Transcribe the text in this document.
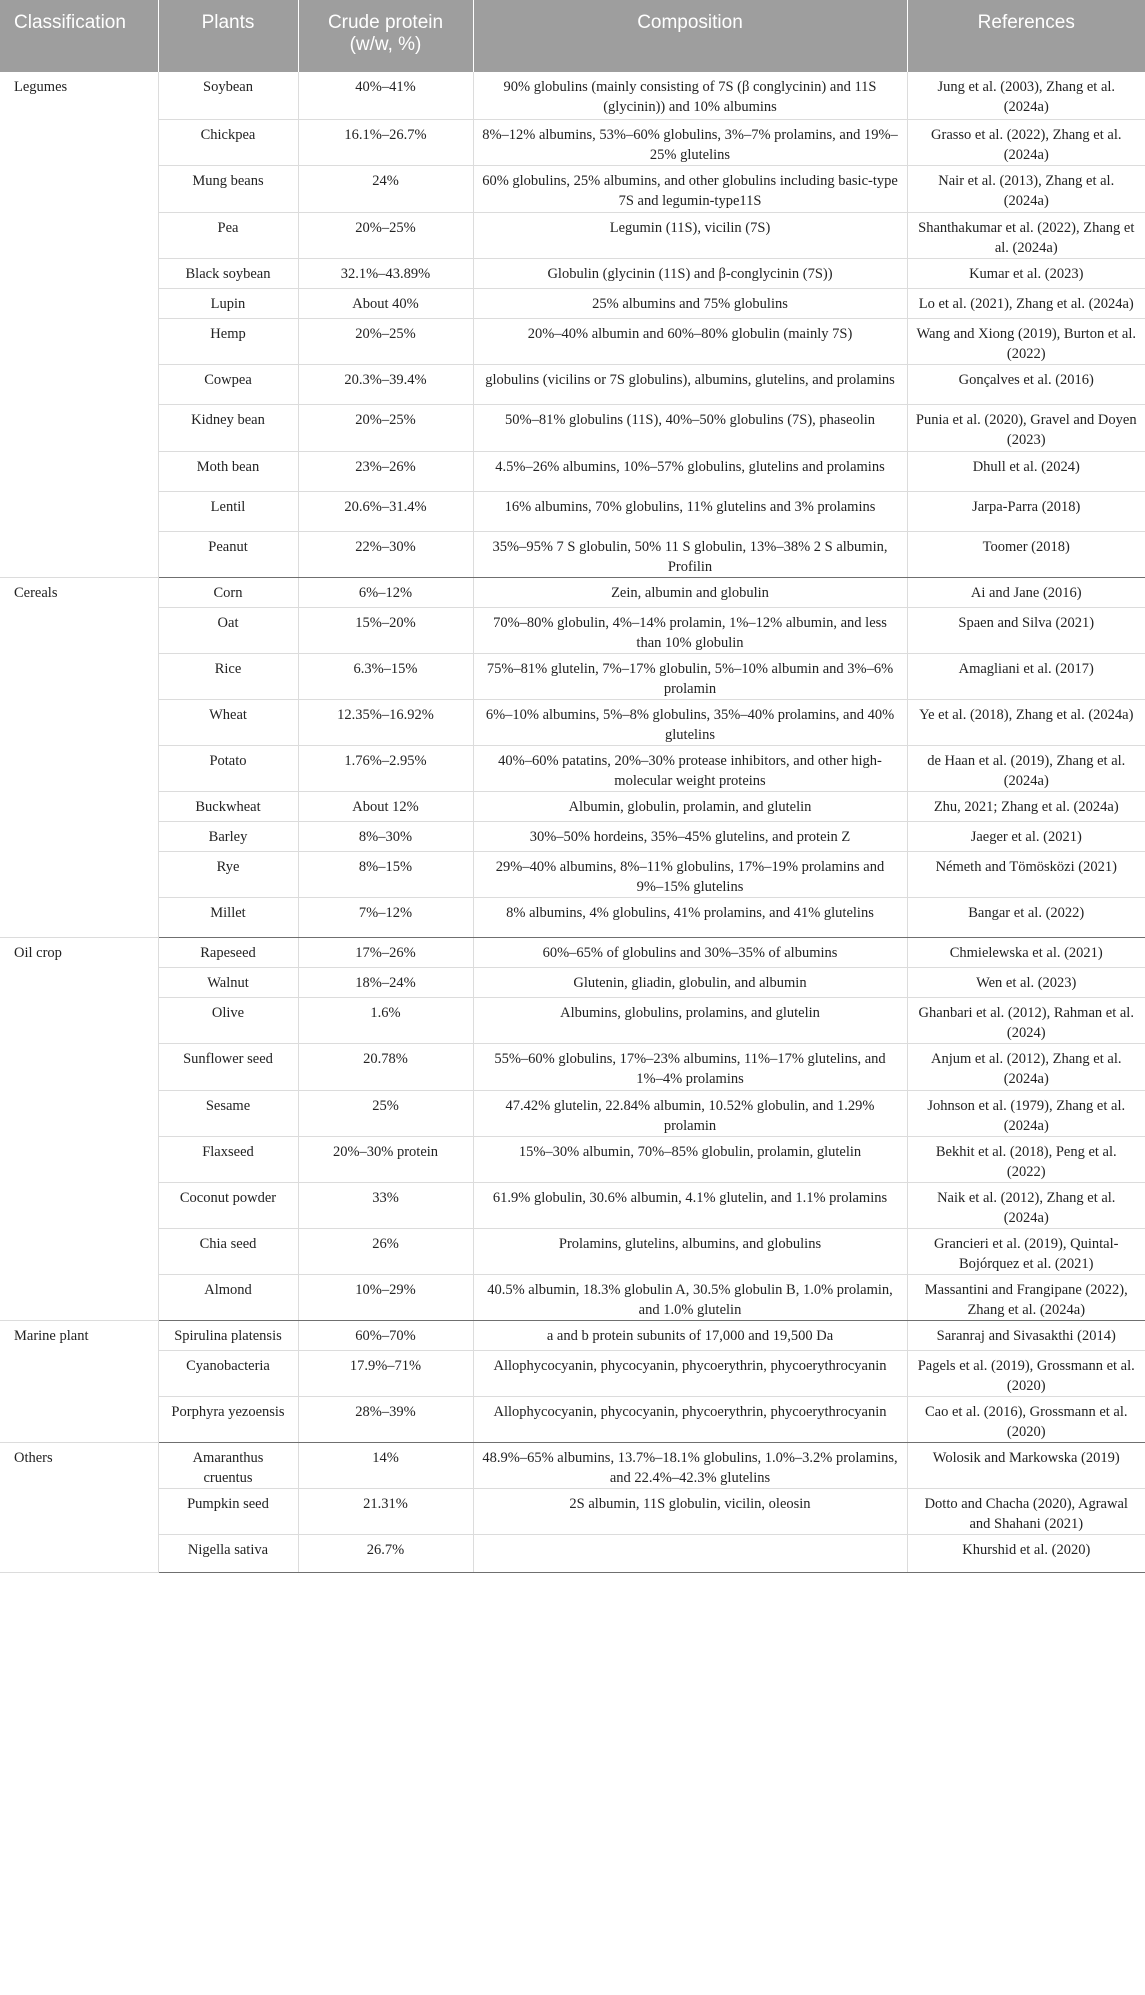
Classification	Plants	Crude protein (w/w, %)	Composition	References
Legumes	Soybean	40%–41%	90% globulins (mainly consisting of 7S (β conglycinin) and 11S (glycinin)) and 10% albumins	Jung et al. (2003), Zhang et al. (2024a)
	Chickpea	16.1%–26.7%	8%–12% albumins, 53%–60% globulins, 3%–7% prolamins, and 19%–25% glutelins	Grasso et al. (2022), Zhang et al. (2024a)
	Mung beans	24%	60% globulins, 25% albumins, and other globulins including basic-type 7S and legumin-type11S	Nair et al. (2013), Zhang et al. (2024a)
	Pea	20%–25%	Legumin (11S), vicilin (7S)	Shanthakumar et al. (2022), Zhang et al. (2024a)
	Black soybean	32.1%–43.89%	Globulin (glycinin (11S) and β-conglycinin (7S))	Kumar et al. (2023)
	Lupin	About 40%	25% albumins and 75% globulins	Lo et al. (2021), Zhang et al. (2024a)
	Hemp	20%–25%	20%–40% albumin and 60%–80% globulin (mainly 7S)	Wang and Xiong (2019), Burton et al. (2022)
	Cowpea	20.3%–39.4%	globulins (vicilins or 7S globulins), albumins, glutelins, and prolamins	Gonçalves et al. (2016)
	Kidney bean	20%–25%	50%–81% globulins (11S), 40%–50% globulins (7S), phaseolin	Punia et al. (2020), Gravel and Doyen (2023)
	Moth bean	23%–26%	4.5%–26% albumins, 10%–57% globulins, glutelins and prolamins	Dhull et al. (2024)
	Lentil	20.6%–31.4%	16% albumins, 70% globulins, 11% glutelins and 3% prolamins	Jarpa-Parra (2018)
	Peanut	22%–30%	35%–95% 7 S globulin, 50% 11 S globulin, 13%–38% 2 S albumin, Profilin	Toomer (2018)
Cereals	Corn	6%–12%	Zein, albumin and globulin	Ai and Jane (2016)
	Oat	15%–20%	70%–80% globulin, 4%–14% prolamin, 1%–12% albumin, and less than 10% globulin	Spaen and Silva (2021)
	Rice	6.3%–15%	75%–81% glutelin, 7%–17% globulin, 5%–10% albumin and 3%–6% prolamin	Amagliani et al. (2017)
	Wheat	12.35%–16.92%	6%–10% albumins, 5%–8% globulins, 35%–40% prolamins, and 40% glutelins	Ye et al. (2018), Zhang et al. (2024a)
	Potato	1.76%–2.95%	40%–60% patatins, 20%–30% protease inhibitors, and other high-molecular weight proteins	de Haan et al. (2019), Zhang et al. (2024a)
	Buckwheat	About 12%	Albumin, globulin, prolamin, and glutelin	Zhu, 2021; Zhang et al. (2024a)
	Barley	8%–30%	30%–50% hordeins, 35%–45% glutelins, and protein Z	Jaeger et al. (2021)
	Rye	8%–15%	29%–40% albumins, 8%–11% globulins, 17%–19% prolamins and 9%–15% glutelins	Németh and Tömösközi (2021)
	Millet	7%–12%	8% albumins, 4% globulins, 41% prolamins, and 41% glutelins	Bangar et al. (2022)
Oil crop	Rapeseed	17%–26%	60%–65% of globulins and 30%–35% of albumins	Chmielewska et al. (2021)
	Walnut	18%–24%	Glutenin, gliadin, globulin, and albumin	Wen et al. (2023)
	Olive	1.6%	Albumins, globulins, prolamins, and glutelin	Ghanbari et al. (2012), Rahman et al. (2024)
	Sunflower seed	20.78%	55%–60% globulins, 17%–23% albumins, 11%–17% glutelins, and 1%–4% prolamins	Anjum et al. (2012), Zhang et al. (2024a)
	Sesame	25%	47.42% glutelin, 22.84% albumin, 10.52% globulin, and 1.29% prolamin	Johnson et al. (1979), Zhang et al. (2024a)
	Flaxseed	20%–30% protein	15%–30% albumin, 70%–85% globulin, prolamin, glutelin	Bekhit et al. (2018), Peng et al. (2022)
	Coconut powder	33%	61.9% globulin, 30.6% albumin, 4.1% glutelin, and 1.1% prolamins	Naik et al. (2012), Zhang et al. (2024a)
	Chia seed	26%	Prolamins, glutelins, albumins, and globulins	Grancieri et al. (2019), Quintal-Bojórquez et al. (2021)
	Almond	10%–29%	40.5% albumin, 18.3% globulin A, 30.5% globulin B, 1.0% prolamin, and 1.0% glutelin	Massantini and Frangipane (2022), Zhang et al. (2024a)
Marine plant	Spirulina platensis	60%–70%	a and b protein subunits of 17,000 and 19,500 Da	Saranraj and Sivasakthi (2014)
	Cyanobacteria	17.9%–71%	Allophycocyanin, phycocyanin, phycoerythrin, phycoerythrocyanin	Pagels et al. (2019), Grossmann et al. (2020)
	Porphyra yezoensis	28%–39%	Allophycocyanin, phycocyanin, phycoerythrin, phycoerythrocyanin	Cao et al. (2016), Grossmann et al. (2020)
Others	Amaranthus cruentus	14%	48.9%–65% albumins, 13.7%–18.1% globulins, 1.0%–3.2% prolamins, and 22.4%–42.3% glutelins	Wolosik and Markowska (2019)
	Pumpkin seed	21.31%	2S albumin, 11S globulin, vicilin, oleosin	Dotto and Chacha (2020), Agrawal and Shahani (2021)
	Nigella sativa	26.7%		Khurshid et al. (2020)
